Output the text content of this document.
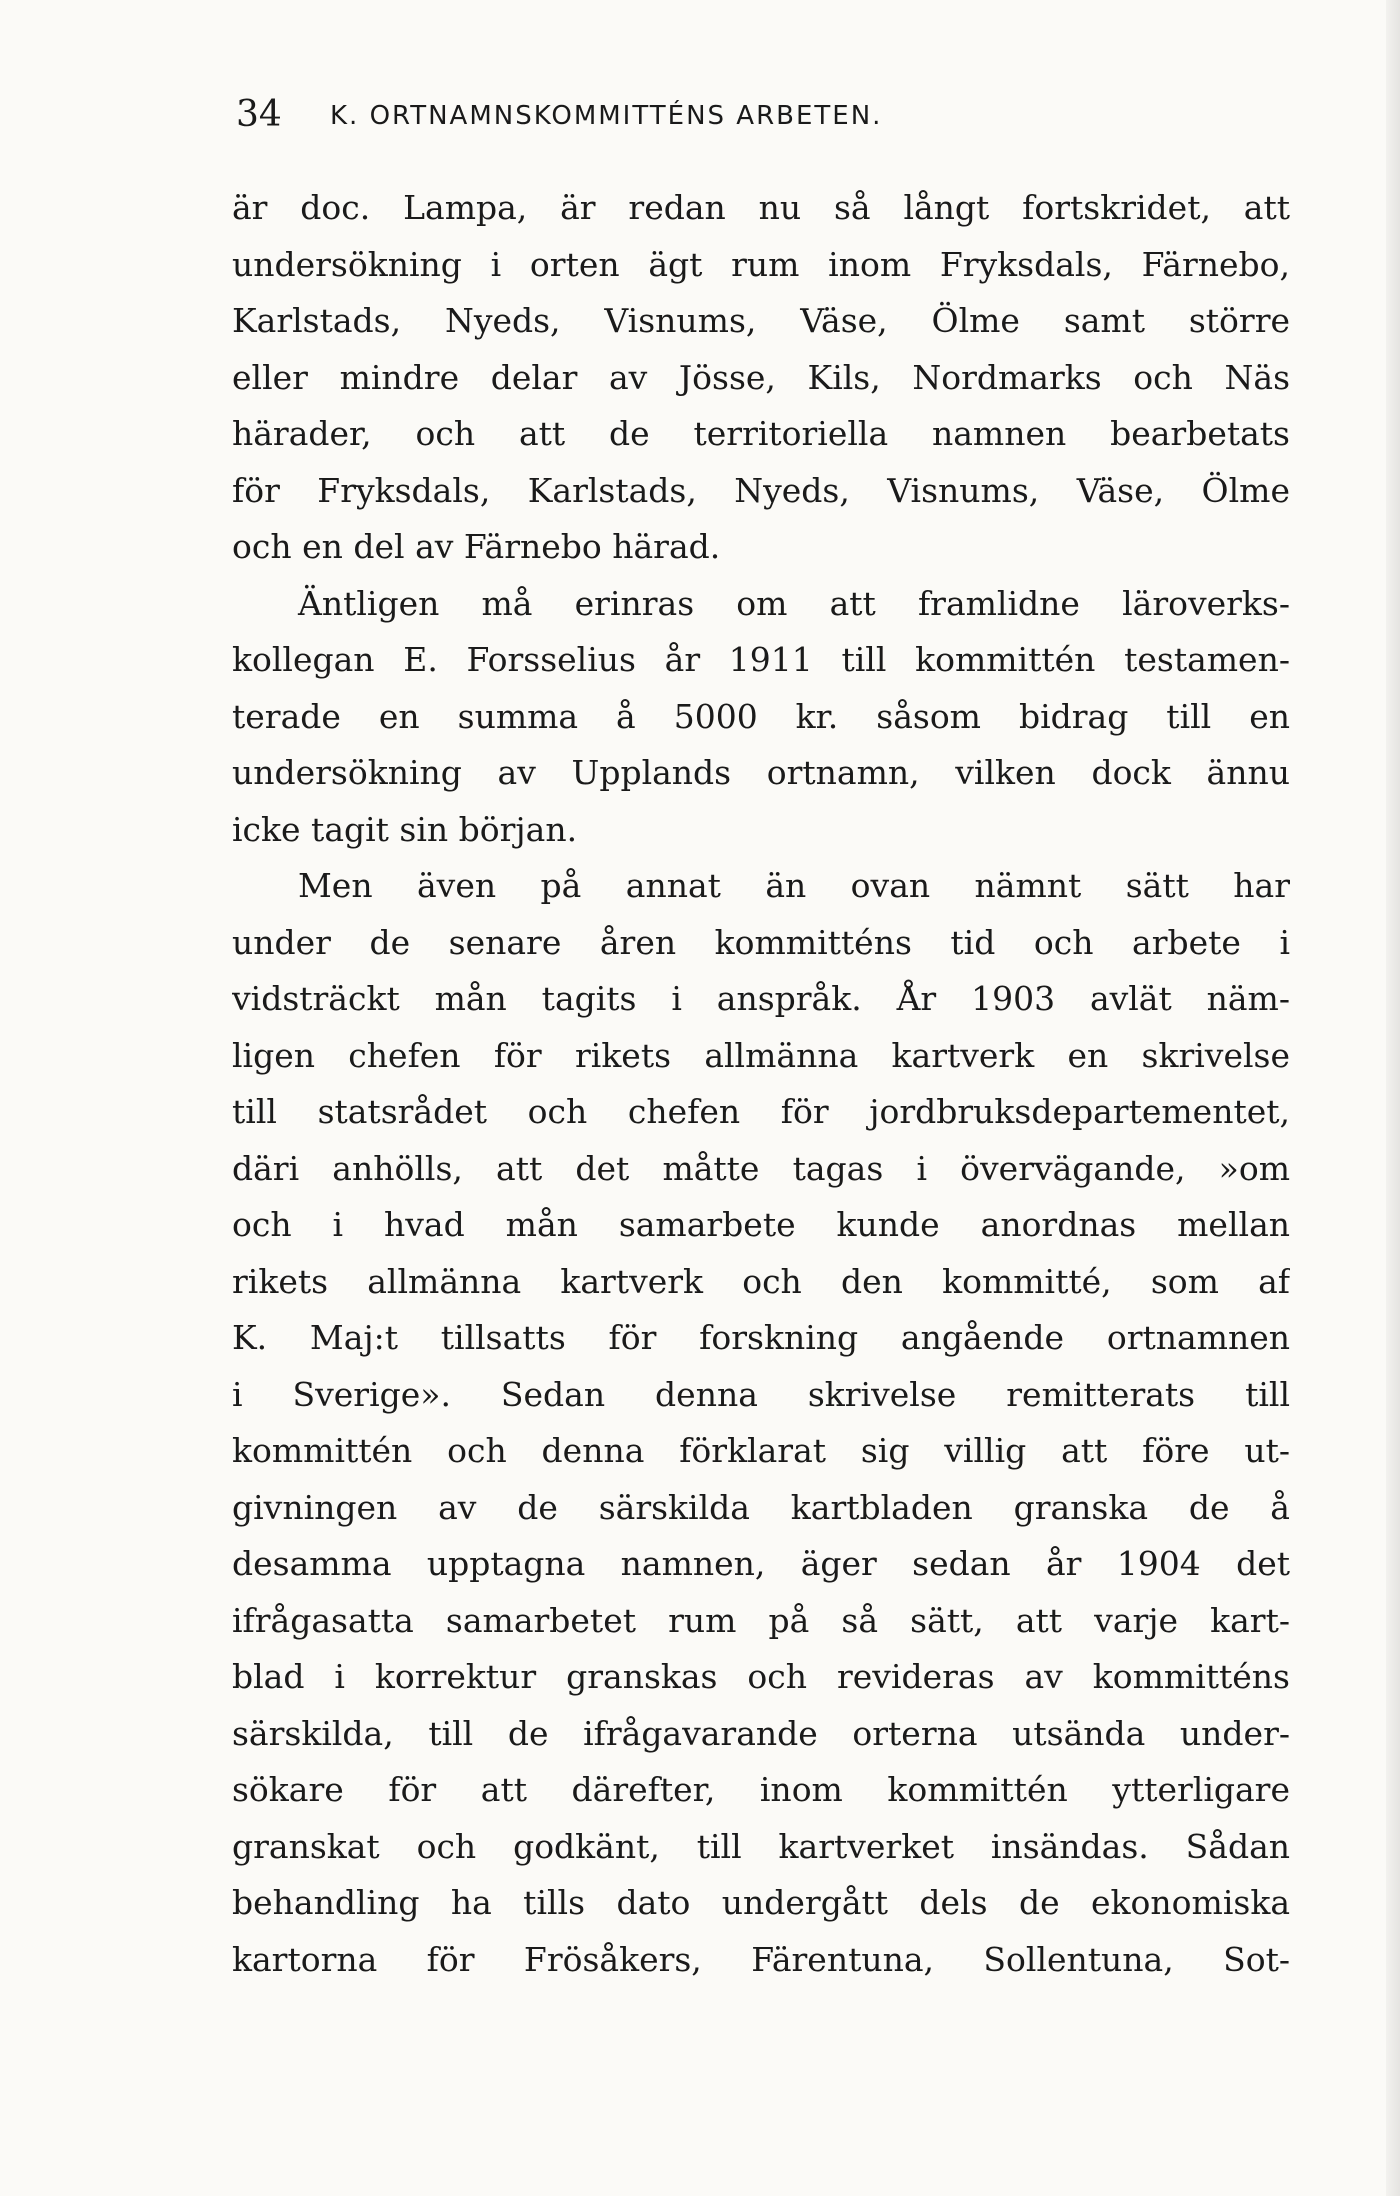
34 K. ORTNAMNSKOMMITTÉNS ARBETEN.
är doc. Lampa, är redan nu så långt fortskridet, att
undersökning i orten ägt rum inom Fryksdals, Färnebo,
Karlstads, Nyeds, Visnums, Väse, Ölme samt större
eller mindre delar av Jösse, Kils, Nordmarks och Näs
härader, och att de territoriella namnen bearbetats
för Fryksdals, Karlstads, Nyeds, Visnums, Väse, Ölme
och en del av Färnebo härad.
Äntligen må erinras om att framlidne läroverks-
kollegan E. Forsselius år 1911 till kommittén testamen-
terade en summa å 5000 kr. såsom bidrag till en
undersökning av Upplands ortnamn, vilken dock ännu
icke tagit sin början.
Men även på annat än ovan nämnt sätt har
under de senare åren kommitténs tid och arbete i
vidsträckt mån tagits i anspråk. År 1903 avlät näm-
ligen chefen för rikets allmänna kartverk en skrivelse
till statsrådet och chefen för jordbruksdepartementet,
däri anhölls, att det måtte tagas i övervägande, »om
och i hvad mån samarbete kunde anordnas mellan
rikets allmänna kartverk och den kommitté, som af
K. Maj:t tillsatts för forskning angående ortnamnen
i Sverige». Sedan denna skrivelse remitterats till
kommittén och denna förklarat sig villig att före ut-
givningen av de särskilda kartbladen granska de å
desamma upptagna namnen, äger sedan år 1904 det
ifrågasatta samarbetet rum på så sätt, att varje kart-
blad i korrektur granskas och revideras av kommitténs
särskilda, till de ifrågavarande orterna utsända under-
sökare för att därefter, inom kommittén ytterligare
granskat och godkänt, till kartverket insändas. Sådan
behandling ha tills dato undergått dels de ekonomiska
kartorna för Frösåkers, Färentuna, Sollentuna, Sot-
